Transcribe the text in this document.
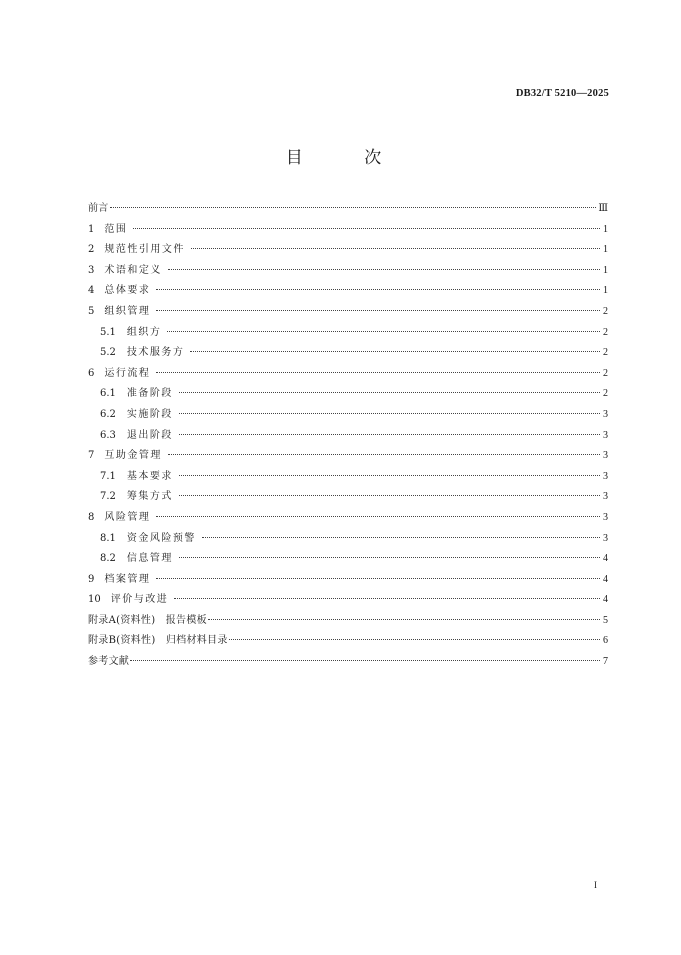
DB32/T 5210—2025
目 次
前言	Ⅲ
1 范围	1
2 规范性引用文件	1
3 术语和定义	1
4 总体要求	1
5 组织管理	2
5.1 组织方	2
5.2 技术服务方	2
6 运行流程	2
6.1 准备阶段	2
6.2 实施阶段	3
6.3 退出阶段	3
7 互助金管理	3
7.1 基本要求	3
7.2 筹集方式	3
8 风险管理	3
8.1 资金风险预警	3
8.2 信息管理	4
9 档案管理	4
10 评价与改进	4
附录A(资料性)　报告模板	5
附录B(资料性)　归档材料目录	6
参考文献	7
I
